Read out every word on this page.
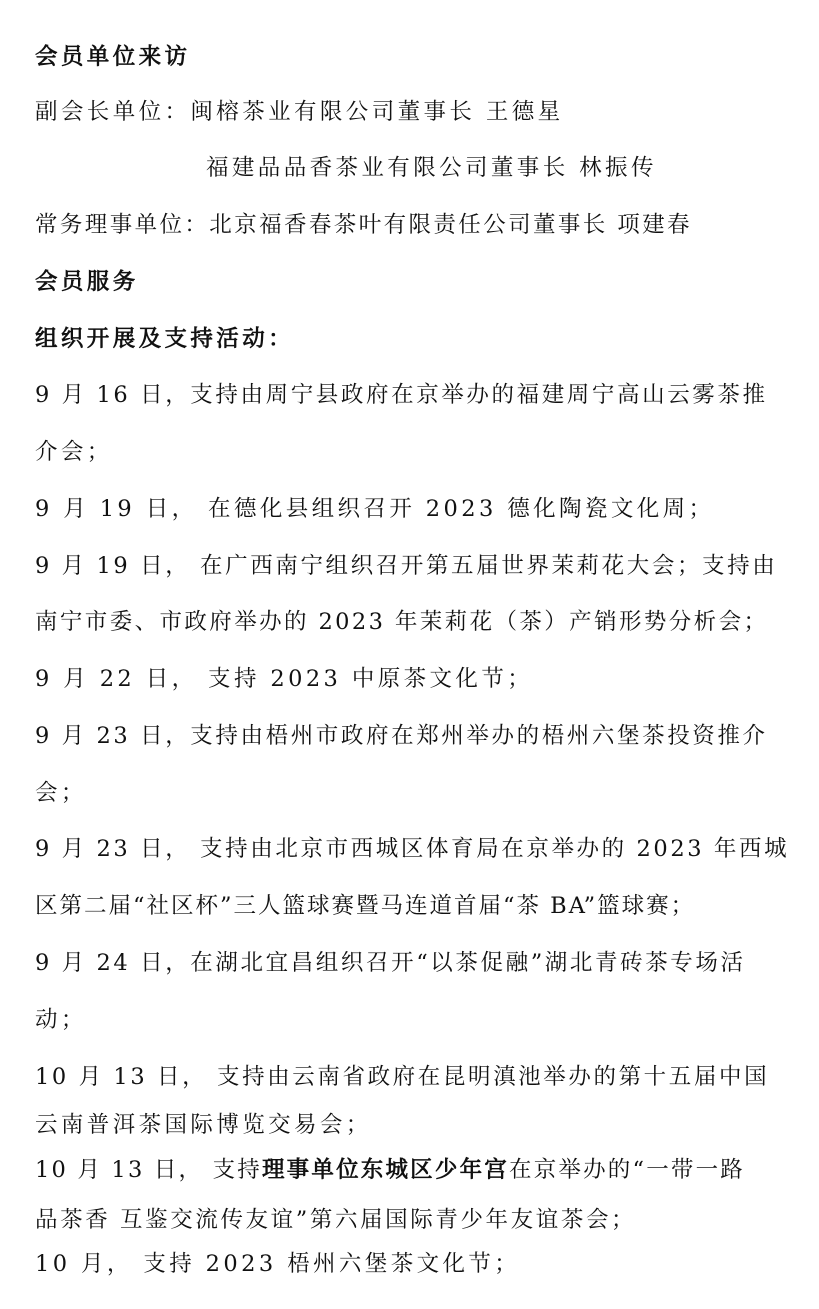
会员单位来访
副会长单位：闽榕茶业有限公司董事长 王德星
福建品品香茶业有限公司董事长 林振传
常务理事单位：北京福香春茶叶有限责任公司董事长 项建春
会员服务
组织开展及支持活动：
9 月 16 日，支持由周宁县政府在京举办的福建周宁高山云雾茶推
介会；
9 月 19 日， 在德化县组织召开 2023 德化陶瓷文化周；
9 月 19 日， 在广西南宁组织召开第五届世界茉莉花大会；支持由
南宁市委、市政府举办的 2023 年茉莉花（茶）产销形势分析会；
9 月 22 日， 支持 2023 中原茶文化节；
9 月 23 日，支持由梧州市政府在郑州举办的梧州六堡茶投资推介
会；
9 月 23 日， 支持由北京市西城区体育局在京举办的 2023 年西城
区第二届“社区杯”三人篮球赛暨马连道首届“茶 BA”篮球赛；
9 月 24 日，在湖北宜昌组织召开“以茶促融”湖北青砖茶专场活
动；
10 月 13 日， 支持由云南省政府在昆明滇池举办的第十五届中国
云南普洱茶国际博览交易会；
10 月 13 日， 支持理事单位东城区少年宫在京举办的“一带一路
品茶香 互鉴交流传友谊”第六届国际青少年友谊茶会；
10 月， 支持 2023 梧州六堡茶文化节；
